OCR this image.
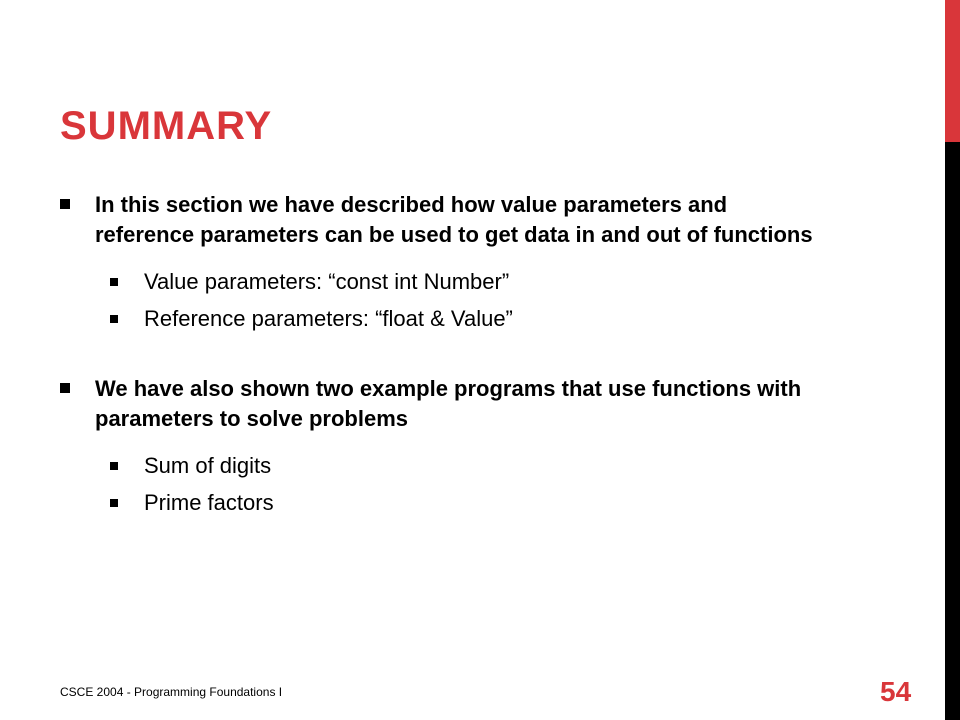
SUMMARY
In this section we have described how value parameters and reference parameters can be used to get data in and out of functions
Value parameters: “const int Number”
Reference parameters: “float & Value”
We have also shown two example programs that use functions with parameters to solve problems
Sum of digits
Prime factors
CSCE 2004 - Programming Foundations I	54
